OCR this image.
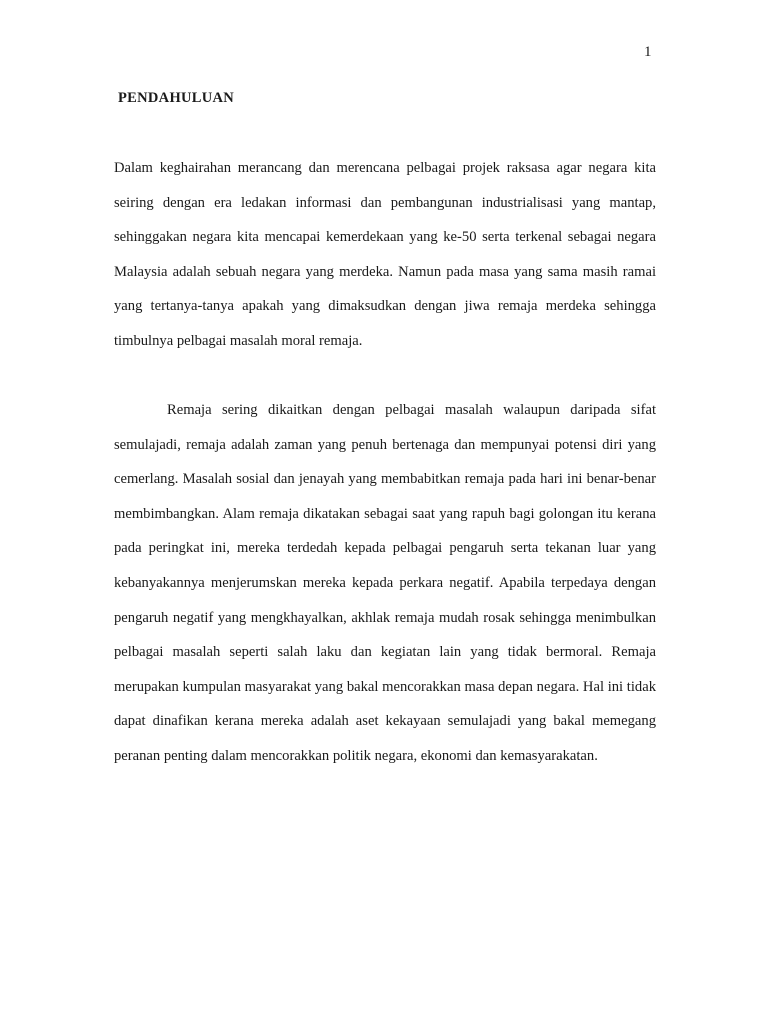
1
PENDAHULUAN

Dalam keghairahan merancang dan merencana pelbagai projek raksasa agar negara kita seiring dengan era ledakan informasi dan pembangunan industrialisasi yang mantap, sehinggakan negara kita mencapai kemerdekaan yang ke-50 serta terkenal sebagai negara Malaysia adalah sebuah negara yang merdeka. Namun pada masa yang sama masih ramai yang tertanya-tanya apakah yang dimaksudkan dengan jiwa remaja merdeka sehingga timbulnya pelbagai masalah moral remaja.

Remaja sering dikaitkan dengan pelbagai masalah walaupun daripada sifat semulajadi, remaja adalah zaman yang penuh bertenaga dan mempunyai potensi diri yang cemerlang. Masalah sosial dan jenayah yang membabitkan remaja pada hari ini benar-benar membimbangkan. Alam remaja dikatakan sebagai saat yang rapuh bagi golongan itu kerana pada peringkat ini, mereka terdedah kepada pelbagai pengaruh serta tekanan luar yang kebanyakannya menjerumskan mereka kepada perkara negatif. Apabila terpedaya dengan pengaruh negatif yang mengkhayalkan, akhlak remaja mudah rosak sehingga menimbulkan pelbagai masalah seperti salah laku dan kegiatan lain yang tidak bermoral. Remaja merupakan kumpulan masyarakat yang bakal mencorakkan masa depan negara. Hal ini tidak dapat dinafikan kerana mereka adalah aset kekayaan semulajadi yang bakal memegang peranan penting dalam mencorakkan politik negara, ekonomi dan kemasyarakatan.
